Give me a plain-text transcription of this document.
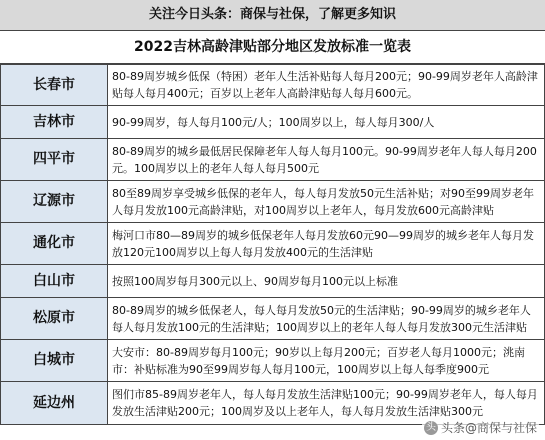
关注今日头条：商保与社保，了解更多知识
2022吉林高龄津贴部分地区发放标准一览表
长春市	80-89周岁城乡低保（特困）老年人生活补贴每人每月200元；90-99周岁老年人高龄津贴每人每月400元；百岁以上老年人高龄津贴每人每月600元。
吉林市	90-99周岁，每人每月100元/人；100周岁以上，每人每月300/人
四平市	80-89周岁的城乡最低居民保障老年人每人每月100元。90-99周岁老年人每人每月200元。100周岁以上的老年人每人每月500元
辽源市	80至89周岁享受城乡低保的老年人，每人每月发放50元生活补贴；对90至99周岁老年人每月发放100元高龄津贴，对100周岁以上老年人，每月发放600元高龄津贴
通化市	梅河口市80—89周岁的城乡低保老年人每月发放60元90—99周岁的城乡老年人每月发放120元100周岁以上每人每月发放400元的生活津贴
白山市	按照100周岁每月300元以上、90周岁每月100元以上标准
松原市	80-89周岁的城乡低保老人，每人每月发放50元的生活津贴；90-99周岁的城乡老年人每人每月发放100元的生活津贴；100周岁以上的老年人每人每月发放300元生活津贴
白城市	大安市：80-89周岁每月100元；90岁以上每月200元；百岁老人每月1000元；洮南市：补贴标准为90至99周岁每人每月100元，100周岁以上每人每季度900元
延边州	图们市85-89周岁老年人，每人每月发放生活津贴100元；90-99周岁老年人，每人每月发放生活津贴200元；100周岁及以上老年人，每人每月发放生活津贴300元
头 头条@商保与社保
